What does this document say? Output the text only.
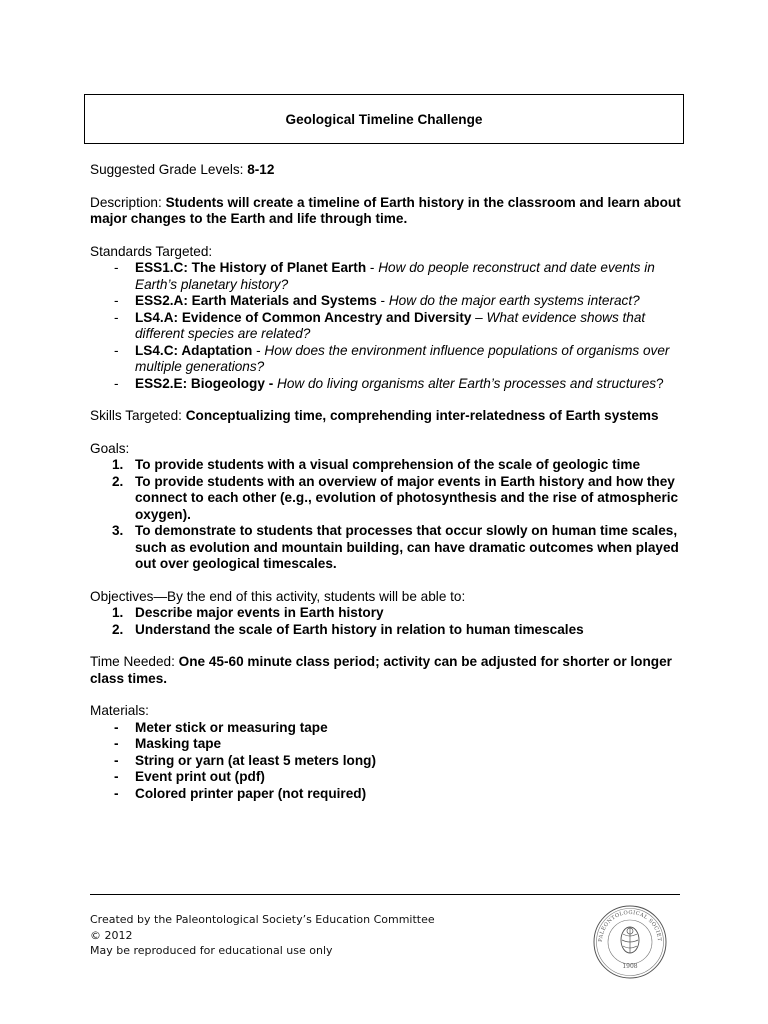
Geological Timeline Challenge

Suggested Grade Levels: 8-12

Description: Students will create a timeline of Earth history in the classroom and learn about major changes to the Earth and life through time.

Standards Targeted:
- ESS1.C: The History of Planet Earth - How do people reconstruct and date events in Earth’s planetary history?
- ESS2.A: Earth Materials and Systems - How do the major earth systems interact?
- LS4.A: Evidence of Common Ancestry and Diversity – What evidence shows that different species are related?
- LS4.C: Adaptation - How does the environment influence populations of organisms over multiple generations?
- ESS2.E: Biogeology - How do living organisms alter Earth’s processes and structures?

Skills Targeted: Conceptualizing time, comprehending inter-relatedness of Earth systems

Goals:
1. To provide students with a visual comprehension of the scale of geologic time
2. To provide students with an overview of major events in Earth history and how they connect to each other (e.g., evolution of photosynthesis and the rise of atmospheric oxygen).
3. To demonstrate to students that processes that occur slowly on human time scales, such as evolution and mountain building, can have dramatic outcomes when played out over geological timescales.
Objectives—By the end of this activity, students will be able to:
1. Describe major events in Earth history
2. Understand the scale of Earth history in relation to human timescales

Time Needed: One 45-60 minute class period; activity can be adjusted for shorter or longer class times.

Materials:
- Meter stick or measuring tape
- Masking tape
- String or yarn (at least 5 meters long)
- Event print out (pdf)
- Colored printer paper (not required)
Created by the Paleontological Society’s Education Committee
© 2012
May be reproduced for educational use only
PALEONTOLOGICAL SOCIET
1908
